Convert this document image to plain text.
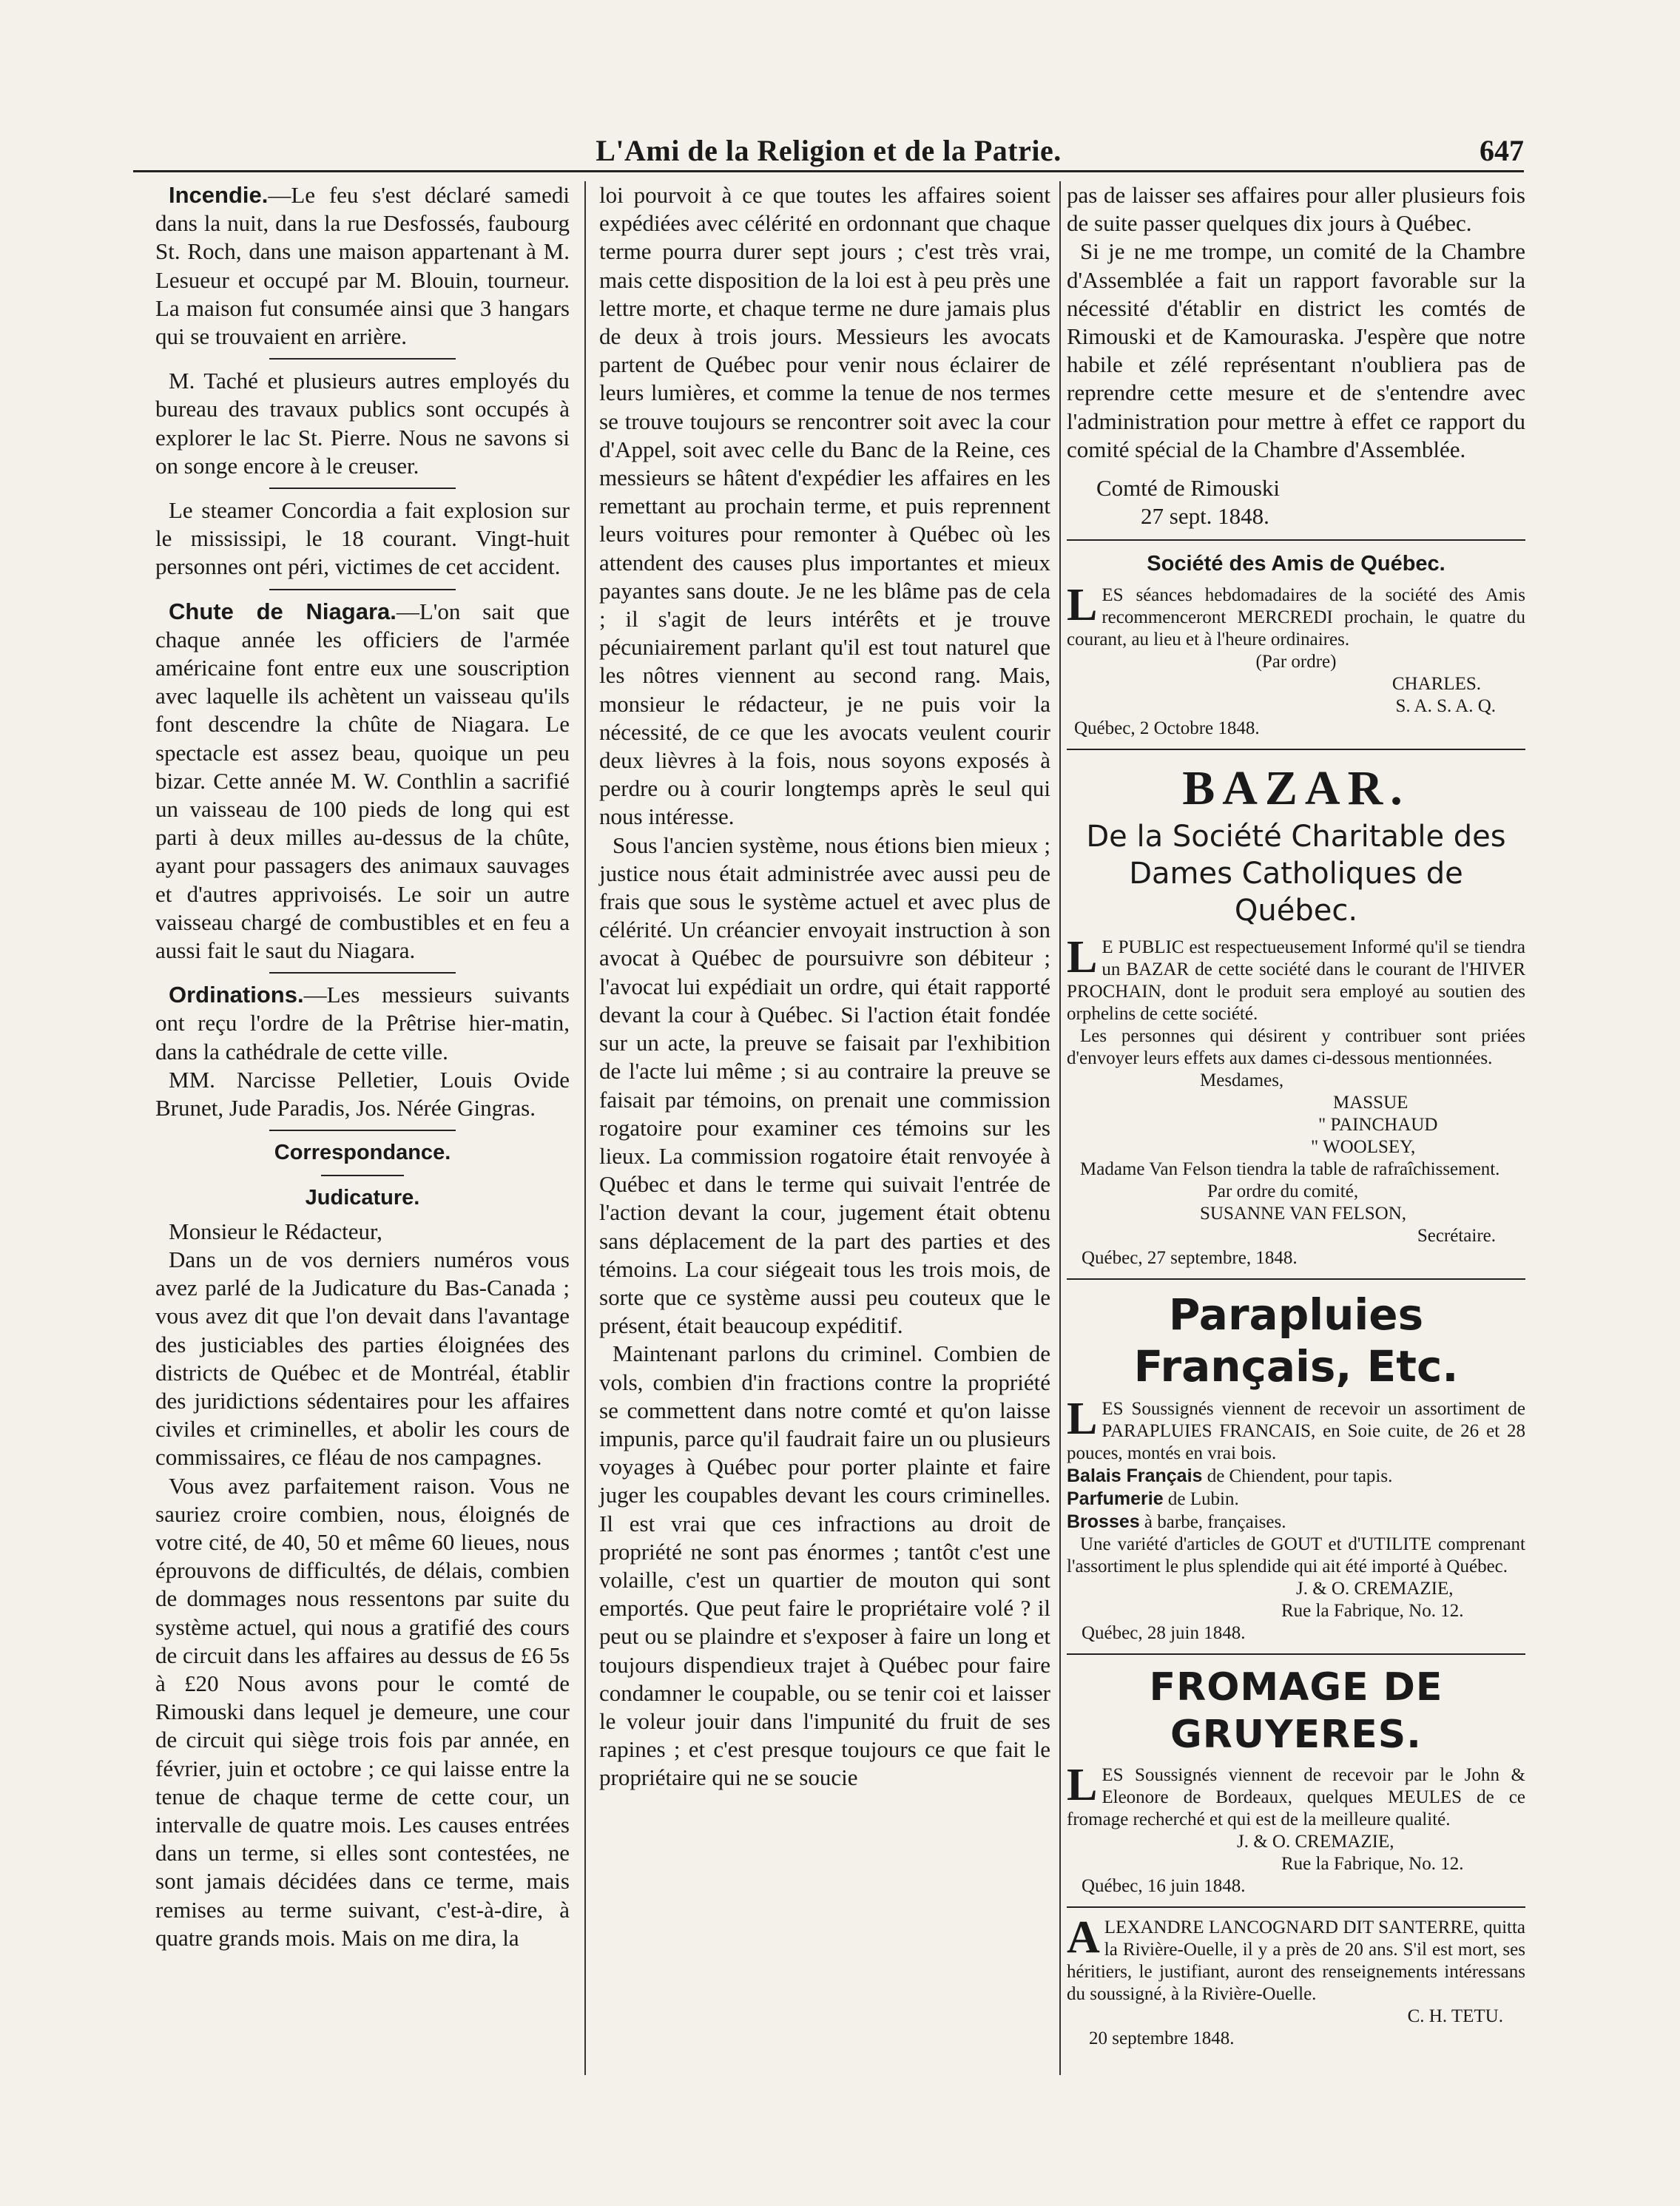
L'Ami de la Religion et de la Patrie.	647

Incendie.—Le feu s'est déclaré samedi dans la nuit, dans la rue Desfossés, faubourg St. Roch, dans une maison appartenant à M. Lesueur et occupé par M. Blouin, tourneur. La maison fut consumée ainsi que 3 hangars qui se trouvaient en arrière.

M. Taché et plusieurs autres employés du bureau des travaux publics sont occupés à explorer le lac St. Pierre. Nous ne savons si on songe encore à le creuser.

Le steamer Concordia a fait explosion sur le mississipi, le 18 courant. Vingt-huit personnes ont péri, victimes de cet accident.

Chute de Niagara.—L'on sait que chaque année les officiers de l'armée américaine font entre eux une souscription avec laquelle ils achètent un vaisseau qu'ils font descendre la chûte de Niagara. Le spectacle est assez beau, quoique un peu bizar. Cette année M. W. Conthlin a sacrifié un vaisseau de 100 pieds de long qui est parti à deux milles au-dessus de la chûte, ayant pour passagers des animaux sauvages et d'autres apprivoisés. Le soir un autre vaisseau chargé de combustibles et en feu a aussi fait le saut du Niagara.

Ordinations.—Les messieurs suivants ont reçu l'ordre de la Prêtrise hier-matin, dans la cathédrale de cette ville.

MM. Narcisse Pelletier, Louis Ovide Brunet, Jude Paradis, Jos. Nérée Gingras.

Correspondance.
Judicature.

Monsieur le Rédacteur,

Dans un de vos derniers numéros vous avez parlé de la Judicature du Bas-Canada ; vous avez dit que l'on devait dans l'avantage des justiciables des parties éloignées des districts de Québec et de Montréal, établir des juridictions sédentaires pour les affaires civiles et criminelles, et abolir les cours de commissaires, ce fléau de nos campagnes.

Vous avez parfaitement raison. Vous ne sauriez croire combien, nous, éloignés de votre cité, de 40, 50 et même 60 lieues, nous éprouvons de difficultés, de délais, combien de dommages nous ressentons par suite du système actuel, qui nous a gratifié des cours de circuit dans les affaires au dessus de £6 5s à £20 Nous avons pour le comté de Rimouski dans lequel je demeure, une cour de circuit qui siège trois fois par année, en février, juin et octobre ; ce qui laisse entre la tenue de chaque terme de cette cour, un intervalle de quatre mois. Les causes entrées dans un terme, si elles sont contestées, ne sont jamais décidées dans ce terme, mais remises au terme suivant, c'est-à-dire, à quatre grands mois. Mais on me dira, la

loi pourvoit à ce que toutes les affaires soient expédiées avec célérité en ordonnant que chaque terme pourra durer sept jours ; c'est très vrai, mais cette disposition de la loi est à peu près une lettre morte, et chaque terme ne dure jamais plus de deux à trois jours. Messieurs les avocats partent de Québec pour venir nous éclairer de leurs lumières, et comme la tenue de nos termes se trouve toujours se rencontrer soit avec la cour d'Appel, soit avec celle du Banc de la Reine, ces messieurs se hâtent d'expédier les affaires en les remettant au prochain terme, et puis reprennent leurs voitures pour remonter à Québec où les attendent des causes plus importantes et mieux payantes sans doute. Je ne les blâme pas de cela ; il s'agit de leurs intérêts et je trouve pécuniairement parlant qu'il est tout naturel que les nôtres viennent au second rang. Mais, monsieur le rédacteur, je ne puis voir la nécessité, de ce que les avocats veulent courir deux lièvres à la fois, nous soyons exposés à perdre ou à courir longtemps après le seul qui nous intéresse.

Sous l'ancien système, nous étions bien mieux ; justice nous était administrée avec aussi peu de frais que sous le système actuel et avec plus de célérité. Un créancier envoyait instruction à son avocat à Québec de poursuivre son débiteur ; l'avocat lui expédiait un ordre, qui était rapporté devant la cour à Québec. Si l'action était fondée sur un acte, la preuve se faisait par l'exhibition de l'acte lui même ; si au contraire la preuve se faisait par témoins, on prenait une commission rogatoire pour examiner ces témoins sur les lieux. La commission rogatoire était renvoyée à Québec et dans le terme qui suivait l'entrée de l'action devant la cour, jugement était obtenu sans déplacement de la part des parties et des témoins. La cour siégeait tous les trois mois, de sorte que ce système aussi peu couteux que le présent, était beaucoup expéditif.

Maintenant parlons du criminel. Combien de vols, combien d'in fractions contre la propriété se commettent dans notre comté et qu'on laisse impunis, parce qu'il faudrait faire un ou plusieurs voyages à Québec pour porter plainte et faire juger les coupables devant les cours criminelles. Il est vrai que ces infractions au droit de propriété ne sont pas énormes ; tantôt c'est une volaille, c'est un quartier de mouton qui sont emportés. Que peut faire le propriétaire volé ? il peut ou se plaindre et s'exposer à faire un long et toujours dispendieux trajet à Québec pour faire condamner le coupable, ou se tenir coi et laisser le voleur jouir dans l'impunité du fruit de ses rapines ; et c'est presque toujours ce que fait le propriétaire qui ne se soucie

pas de laisser ses affaires pour aller plusieurs fois de suite passer quelques dix jours à Québec.

Si je ne me trompe, un comité de la Chambre d'Assemblée a fait un rapport favorable sur la nécessité d'établir en district les comtés de Rimouski et de Kamouraska. J'espère que notre habile et zélé représentant n'oubliera pas de reprendre cette mesure et de s'entendre avec l'administration pour mettre à effet ce rapport du comité spécial de la Chambre d'Assemblée.

Comté de Rimouski
27 sept. 1848.
Société des Amis de Québec.

LES séances hebdomadaires de la société des Amis recommenceront MERCREDI prochain, le quatre du courant, au lieu et à l'heure ordinaires.

(Par ordre)
CHARLES.
S. A. S. A. Q.
Québec, 2 Octobre 1848.
BAZAR.
De la Société Charitable des Dames Catholiques de Québec.

L E PUBLIC est respectueusement Informé qu'il se tiendra un BAZAR de cette société dans le courant de l'HIVER PROCHAIN, dont le produit sera employé au soutien des orphelins de cette société.

Les personnes qui désirent y contribuer sont priées d'envoyer leurs effets aux dames ci-dessous mentionnées.

Mesdames,
MASSUE
" PAINCHAUD
" WOOLSEY,

Madame Van Felson tiendra la table de rafraîchissement.

Par ordre du comité,
SUSANNE VAN FELSON,
Secrétaire.
Québec, 27 septembre, 1848.
Parapluies Français, Etc.

LES Soussignés viennent de recevoir un assortiment de PARAPLUIES FRANCAIS, en Soie cuite, de 26 et 28 pouces, montés en vrai bois.

Balais Français de Chiendent, pour tapis.

Parfumerie de Lubin.

Brosses à barbe, françaises.

Une variété d'articles de GOUT et d'UTILITE comprenant l'assortiment le plus splendide qui ait été importé à Québec.

J. & O. CREMAZIE,
Rue la Fabrique, No. 12.
Québec, 28 juin 1848.
FROMAGE DE GRUYERES.

LES Soussignés viennent de recevoir par le John & Eleonore de Bordeaux, quelques MEULES de ce fromage recherché et qui est de la meilleure qualité.

J. & O. CREMAZIE,
Rue la Fabrique, No. 12.
Québec, 16 juin 1848.

ALEXANDRE LANCOGNARD DIT SANTERRE, quitta la Rivière-Ouelle, il y a près de 20 ans. S'il est mort, ses héritiers, le justifiant, auront des renseignements intéressans du soussigné, à la Rivière-Ouelle.

C. H. TETU.
20 septembre 1848.
